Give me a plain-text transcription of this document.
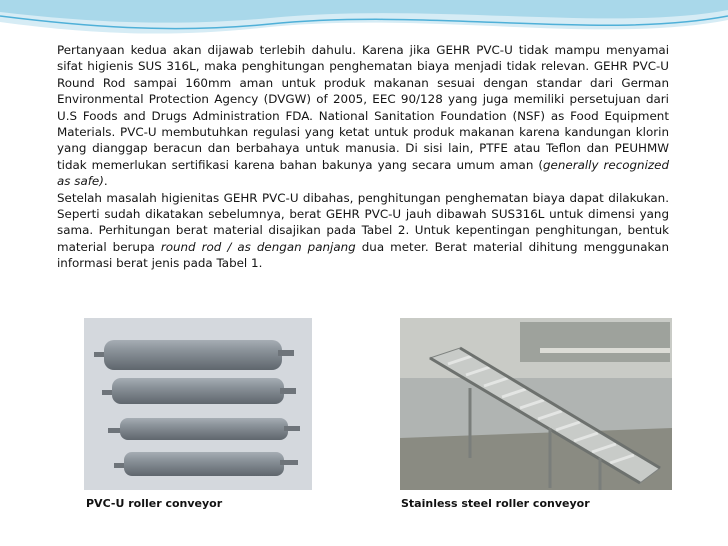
Pertanyaan kedua akan dijawab terlebih dahulu. Karena jika GEHR PVC-U tidak mampu menyamai sifat higienis SUS 316L, maka penghitungan penghematan biaya menjadi tidak relevan. GEHR PVC-U Round Rod sampai 160mm aman untuk produk makanan sesuai dengan standar dari German Environmental Protection Agency (DVGW) of 2005, EEC 90/128 yang juga memiliki persetujuan dari U.S Foods and Drugs Administration FDA. National Sanitation Foundation (NSF) as Food Equipment Materials. PVC-U membutuhkan regulasi yang ketat untuk produk makanan karena kandungan klorin yang dianggap beracun dan berbahaya untuk manusia. Di sisi lain, PTFE atau Teflon dan PEUHMW tidak memerlukan sertifikasi karena bahan bakunya yang secara umum aman (generally recognized as safe).

Setelah masalah higienitas GEHR PVC-U dibahas, penghitungan penghematan biaya dapat dilakukan. Seperti sudah dikatakan sebelumnya, berat GEHR PVC-U jauh dibawah SUS316L untuk dimensi yang sama. Perhitungan berat material disajikan pada Tabel 2. Untuk kepentingan penghitungan, bentuk material berupa round rod / as dengan panjang dua meter. Berat material dihitung menggunakan informasi berat jenis pada Tabel 1.

PVC-U roller conveyor	Stainless steel roller conveyor
